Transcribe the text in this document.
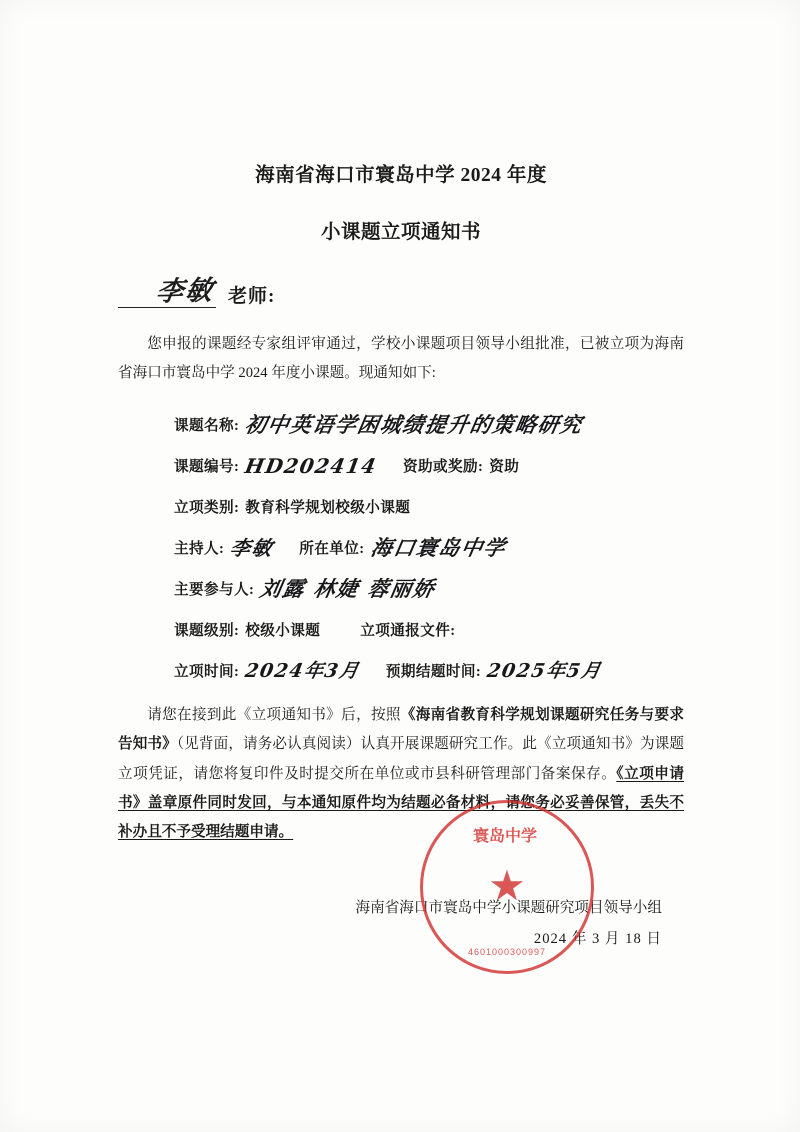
海南省海口市寰岛中学 2024 年度
小课题立项通知书
李敏 老师:
您申报的课题经专家组评审通过，学校小课题项目领导小组批准，已被立项为海南省海口市寰岛中学 2024 年度小课题。现通知如下:
课题名称: 初中英语学困城绩提升的策略研究
课题编号: HD202414 资助或奖励: 资助
立项类别: 教育科学规划校级小课题
主持人: 李敏 所在单位: 海口寰岛中学
主要参与人: 刘露 林婕 蓉丽娇
课题级别: 校级小课题	立项通报文件:
立项时间: 2024年3月 预期结题时间: 2025年5月
请您在接到此《立项通知书》后，按照《海南省教育科学规划课题研究任务与要求告知书》（见背面，请务必认真阅读）认真开展课题研究工作。此《立项通知书》为课题立项凭证，请您将复印件及时提交所在单位或市县科研管理部门备案保存。《立项申请书》盖章原件同时发回，与本通知原件均为结题必备材料，请您务必妥善保管，丢失不补办且不予受理结题申请。
海南省海口市寰岛中学小课题研究项目领导小组
2024 年 3 月 18 日
寰岛中学
★
4601000300997
